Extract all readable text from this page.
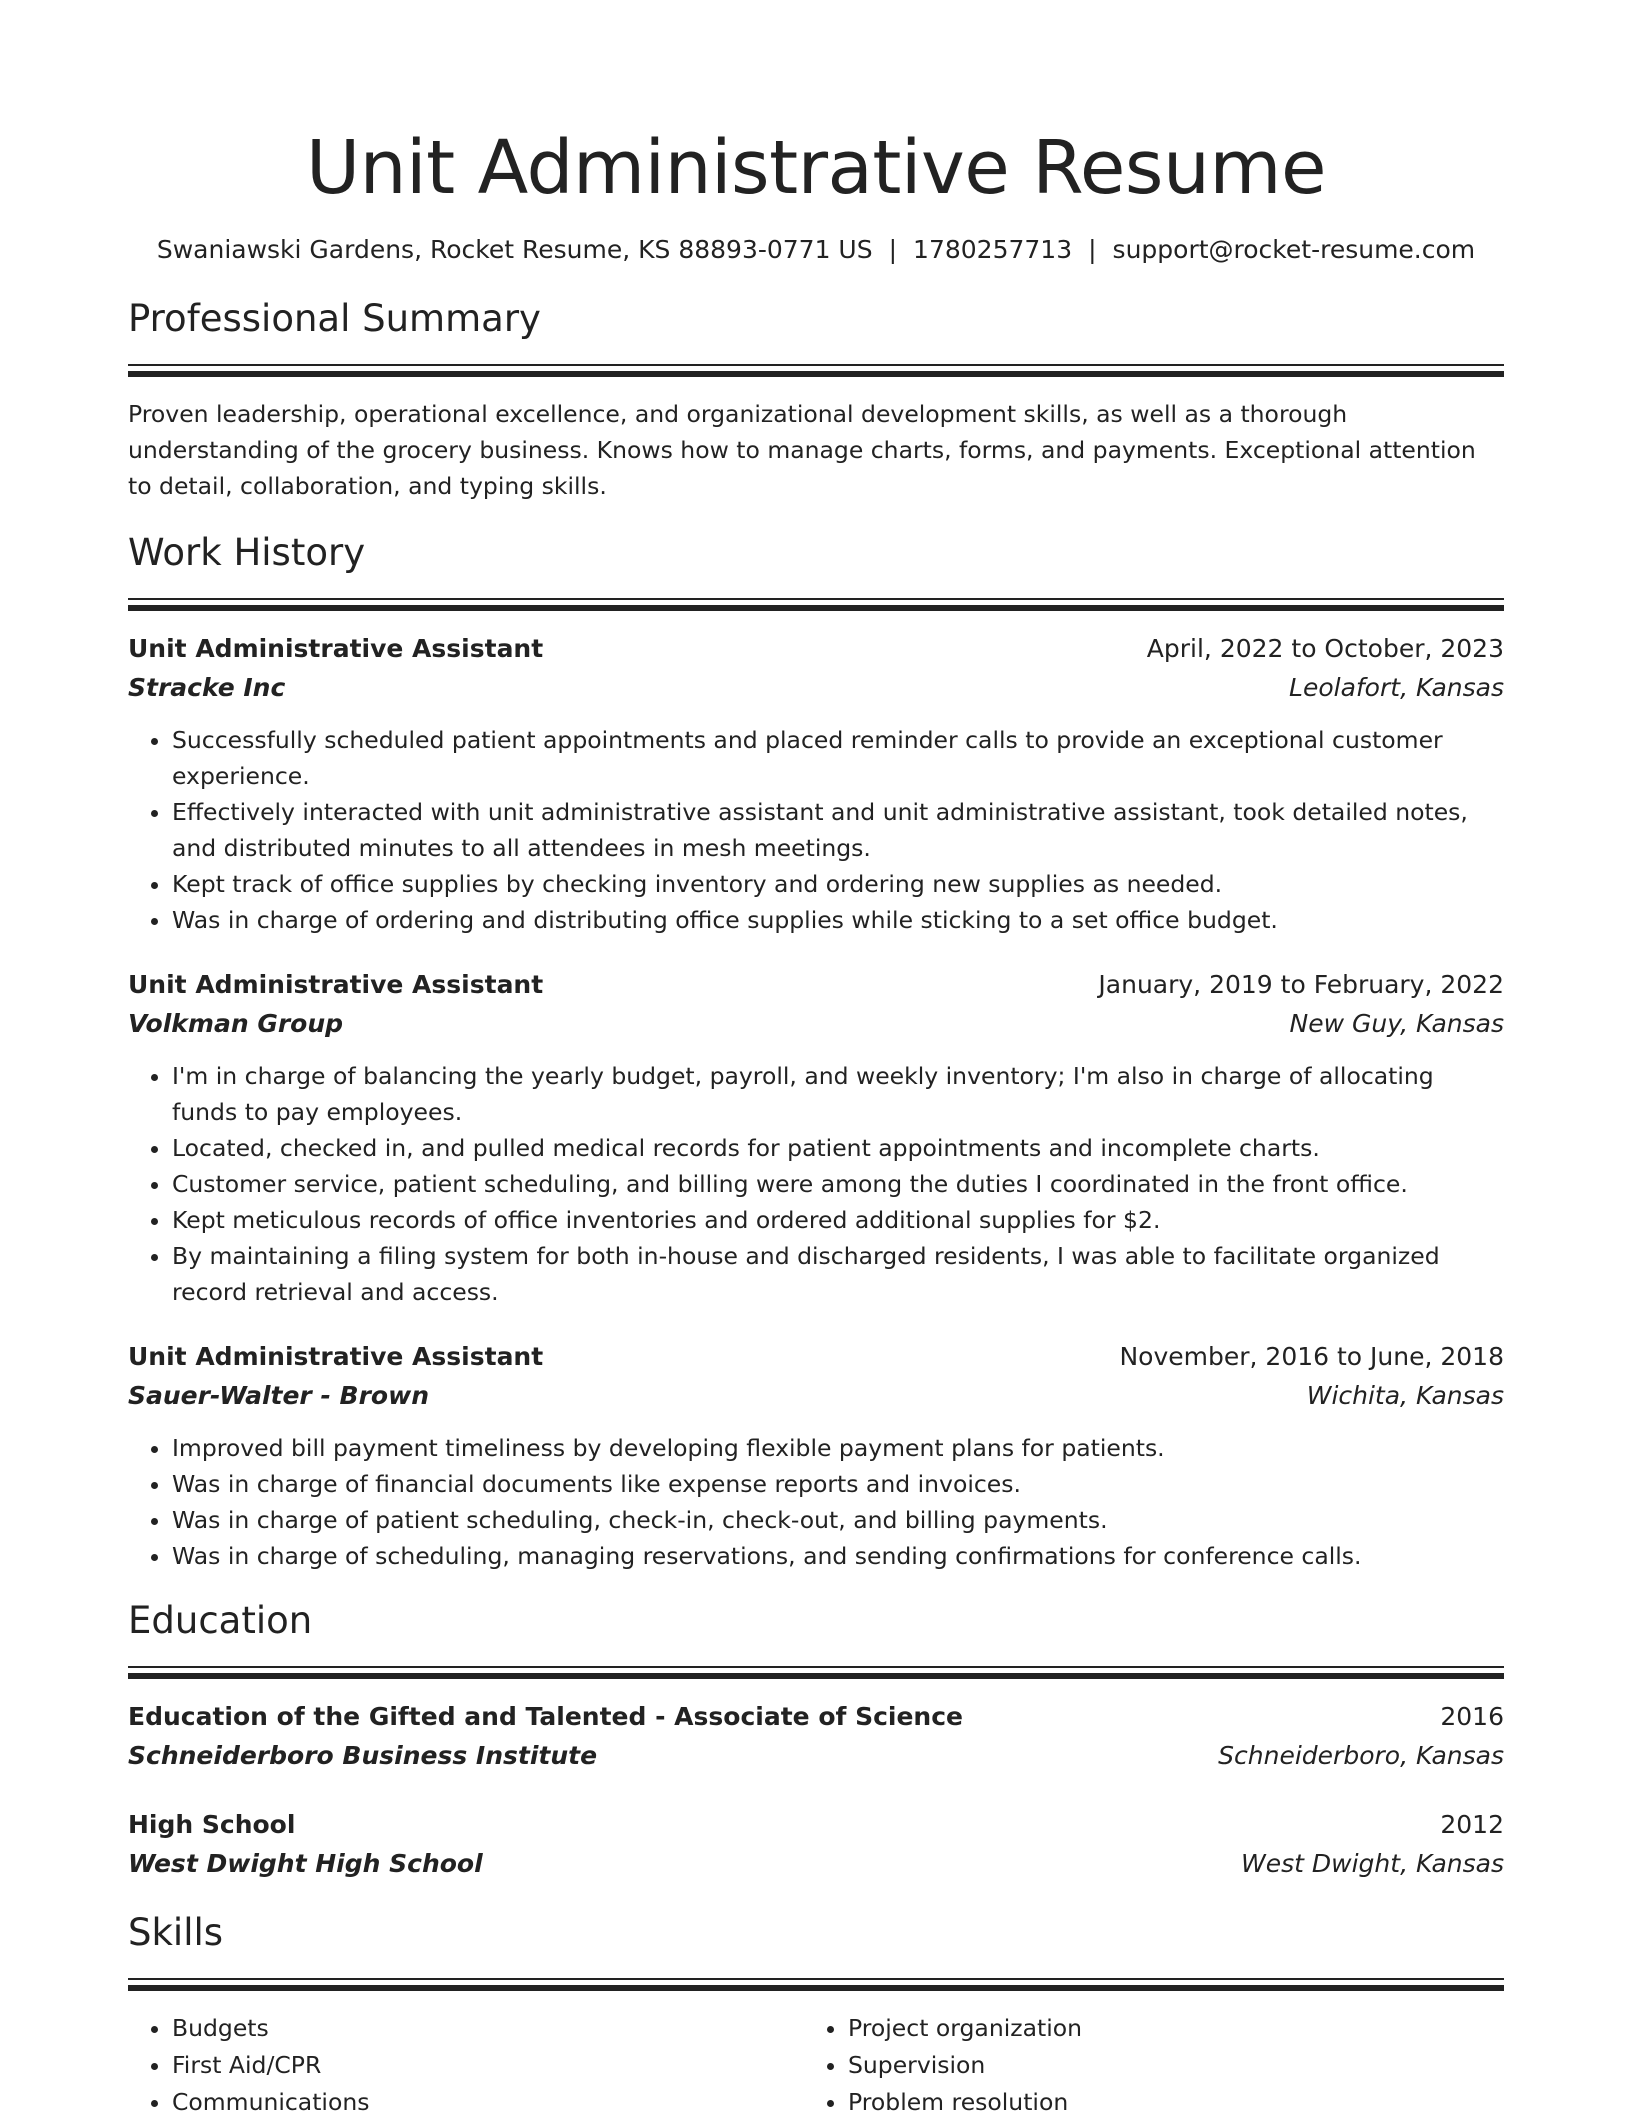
Unit Administrative Resume
Swaniawski Gardens, Rocket Resume, KS 88893-0771 US | 1780257713 | support@rocket-resume.com
Professional Summary

Proven leadership, operational excellence, and organizational development skills, as well as a thorough understanding of the grocery business. Knows how to manage charts, forms, and payments. Exceptional attention to detail, collaboration, and typing skills.

Work History
Unit Administrative Assistant	April, 2022 to October, 2023
Stracke Inc	Leolafort, Kansas
• Successfully scheduled patient appointments and placed reminder calls to provide an exceptional customer experience.
• Effectively interacted with unit administrative assistant and unit administrative assistant, took detailed notes, and distributed minutes to all attendees in mesh meetings.
• Kept track of office supplies by checking inventory and ordering new supplies as needed.
• Was in charge of ordering and distributing office supplies while sticking to a set office budget.
Unit Administrative Assistant	January, 2019 to February, 2022
Volkman Group	New Guy, Kansas
• I'm in charge of balancing the yearly budget, payroll, and weekly inventory; I'm also in charge of allocating funds to pay employees.
• Located, checked in, and pulled medical records for patient appointments and incomplete charts.
• Customer service, patient scheduling, and billing were among the duties I coordinated in the front office.
• Kept meticulous records of office inventories and ordered additional supplies for $2.
• By maintaining a filing system for both in-house and discharged residents, I was able to facilitate organized record retrieval and access.
Unit Administrative Assistant	November, 2016 to June, 2018
Sauer-Walter - Brown	Wichita, Kansas
• Improved bill payment timeliness by developing flexible payment plans for patients.
• Was in charge of financial documents like expense reports and invoices.
• Was in charge of patient scheduling, check-in, check-out, and billing payments.
• Was in charge of scheduling, managing reservations, and sending confirmations for conference calls.
Education
Education of the Gifted and Talented - Associate of Science	2016
Schneiderboro Business Institute	Schneiderboro, Kansas
High School	2012
West Dwight High School	West Dwight, Kansas
Skills
• Budgets
• First Aid/CPR
• Communications
• Project organization
• Supervision
• Problem resolution
